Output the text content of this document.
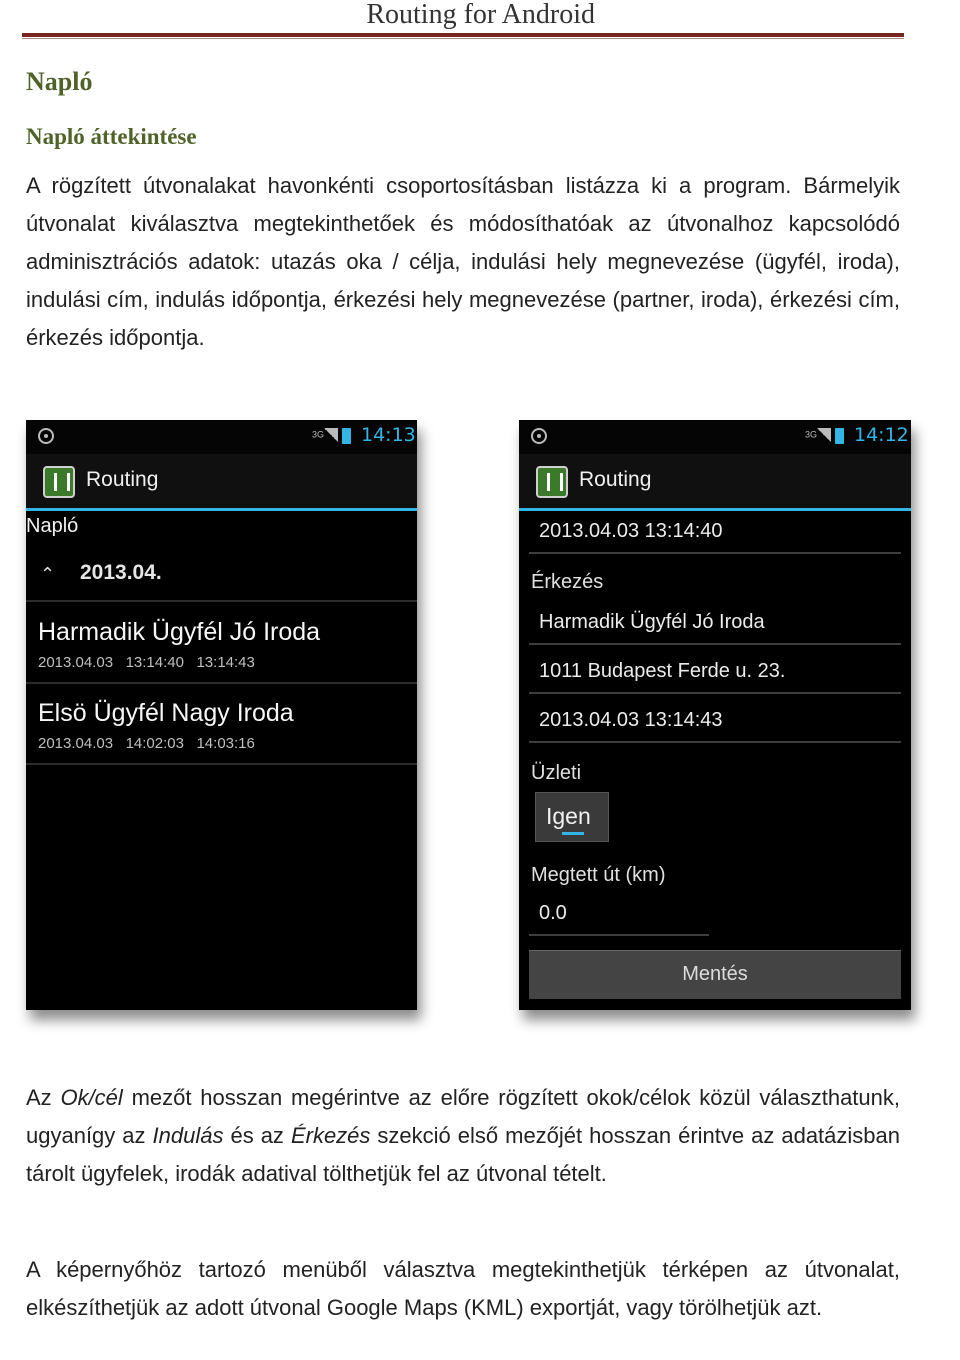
Routing for Android
Napló
Napló áttekintése

A rögzített útvonalakat havonkénti csoportosításban listázza ki a program. Bármelyik útvonalat kiválasztva megtekinthetőek és módosíthatóak az útvonalhoz kapcsolódó adminisztrációs adatok: utazás oka / célja, indulási hely megnevezése (ügyfél, iroda), indulási cím, indulás időpontja, érkezési hely megnevezése (partner, iroda), érkezési cím, érkezés időpontja.

3G	14:13
Routing
Napló
⌃ 2013.04.
Harmadik Ügyfél Jó Iroda
2013.04.03   13:14:40   13:14:43
Elsö Ügyfél Nagy Iroda
2013.04.03   14:02:03   14:03:16
3G	14:12
Routing
2013.04.03 13:14:40
Érkezés
Harmadik Ügyfél Jó Iroda
1011 Budapest Ferde u. 23.
2013.04.03 13:14:43
Üzleti
Igen
Megtett út (km)
0.0
Mentés

Az Ok/cél mezőt hosszan megérintve az előre rögzített okok/célok közül választhatunk, ugyanígy az Indulás és az Érkezés szekció első mezőjét hosszan érintve az adatázisban tárolt ügyfelek, irodák adatival tölthetjük fel az útvonal tételt.

A képernyőhöz tartozó menüből választva megtekinthetjük térképen az útvonalat, elkészíthetjük az adott útvonal Google Maps (KML) exportját, vagy törölhetjük azt.
